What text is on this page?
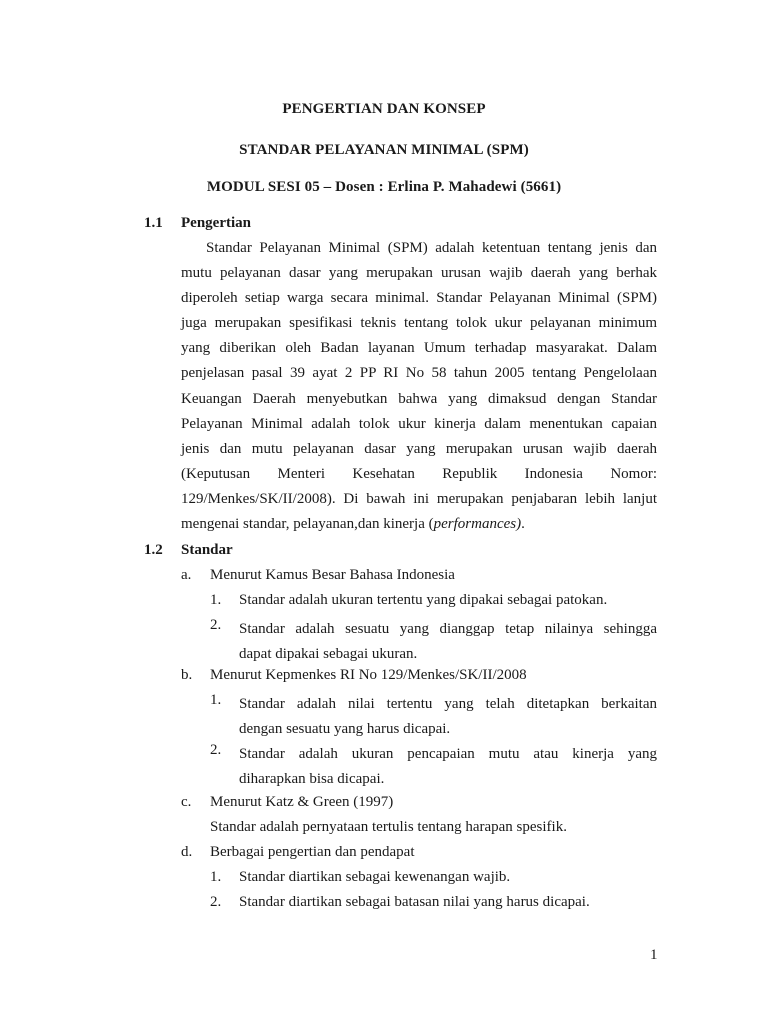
PENGERTIAN DAN KONSEP
STANDAR PELAYANAN MINIMAL (SPM)
MODUL SESI 05 – Dosen : Erlina P. Mahadewi (5661)
1.1 Pengertian
Standar Pelayanan Minimal (SPM) adalah ketentuan tentang jenis dan
mutu pelayanan dasar yang merupakan urusan wajib daerah yang berhak
diperoleh setiap warga secara minimal. Standar Pelayanan Minimal (SPM)
juga merupakan spesifikasi teknis tentang tolok ukur pelayanan minimum
yang diberikan oleh Badan layanan Umum terhadap masyarakat. Dalam
penjelasan pasal 39 ayat 2 PP RI No 58 tahun 2005 tentang Pengelolaan
Keuangan Daerah menyebutkan bahwa yang dimaksud dengan Standar
Pelayanan Minimal adalah tolok ukur kinerja dalam menentukan capaian
jenis dan mutu pelayanan dasar yang merupakan urusan wajib daerah
(Keputusan Menteri Kesehatan Republik Indonesia Nomor:
129/Menkes/SK/II/2008). Di bawah ini merupakan penjabaran lebih lanjut
mengenai standar, pelayanan,dan kinerja (performances).
1.2 Standar
a. Menurut Kamus Besar Bahasa Indonesia
1. Standar adalah ukuran tertentu yang dipakai sebagai patokan.
2. Standar adalah sesuatu yang dianggap tetap nilainya sehingga
dapat dipakai sebagai ukuran.
b. Menurut Kepmenkes RI No 129/Menkes/SK/II/2008
1. Standar adalah nilai tertentu yang telah ditetapkan berkaitan
dengan sesuatu yang harus dicapai.
2. Standar adalah ukuran pencapaian mutu atau kinerja yang
diharapkan bisa dicapai.
c. Menurut Katz & Green (1997)
Standar adalah pernyataan tertulis tentang harapan spesifik.
d. Berbagai pengertian dan pendapat
1. Standar diartikan sebagai kewenangan wajib.
2. Standar diartikan sebagai batasan nilai yang harus dicapai.
1
